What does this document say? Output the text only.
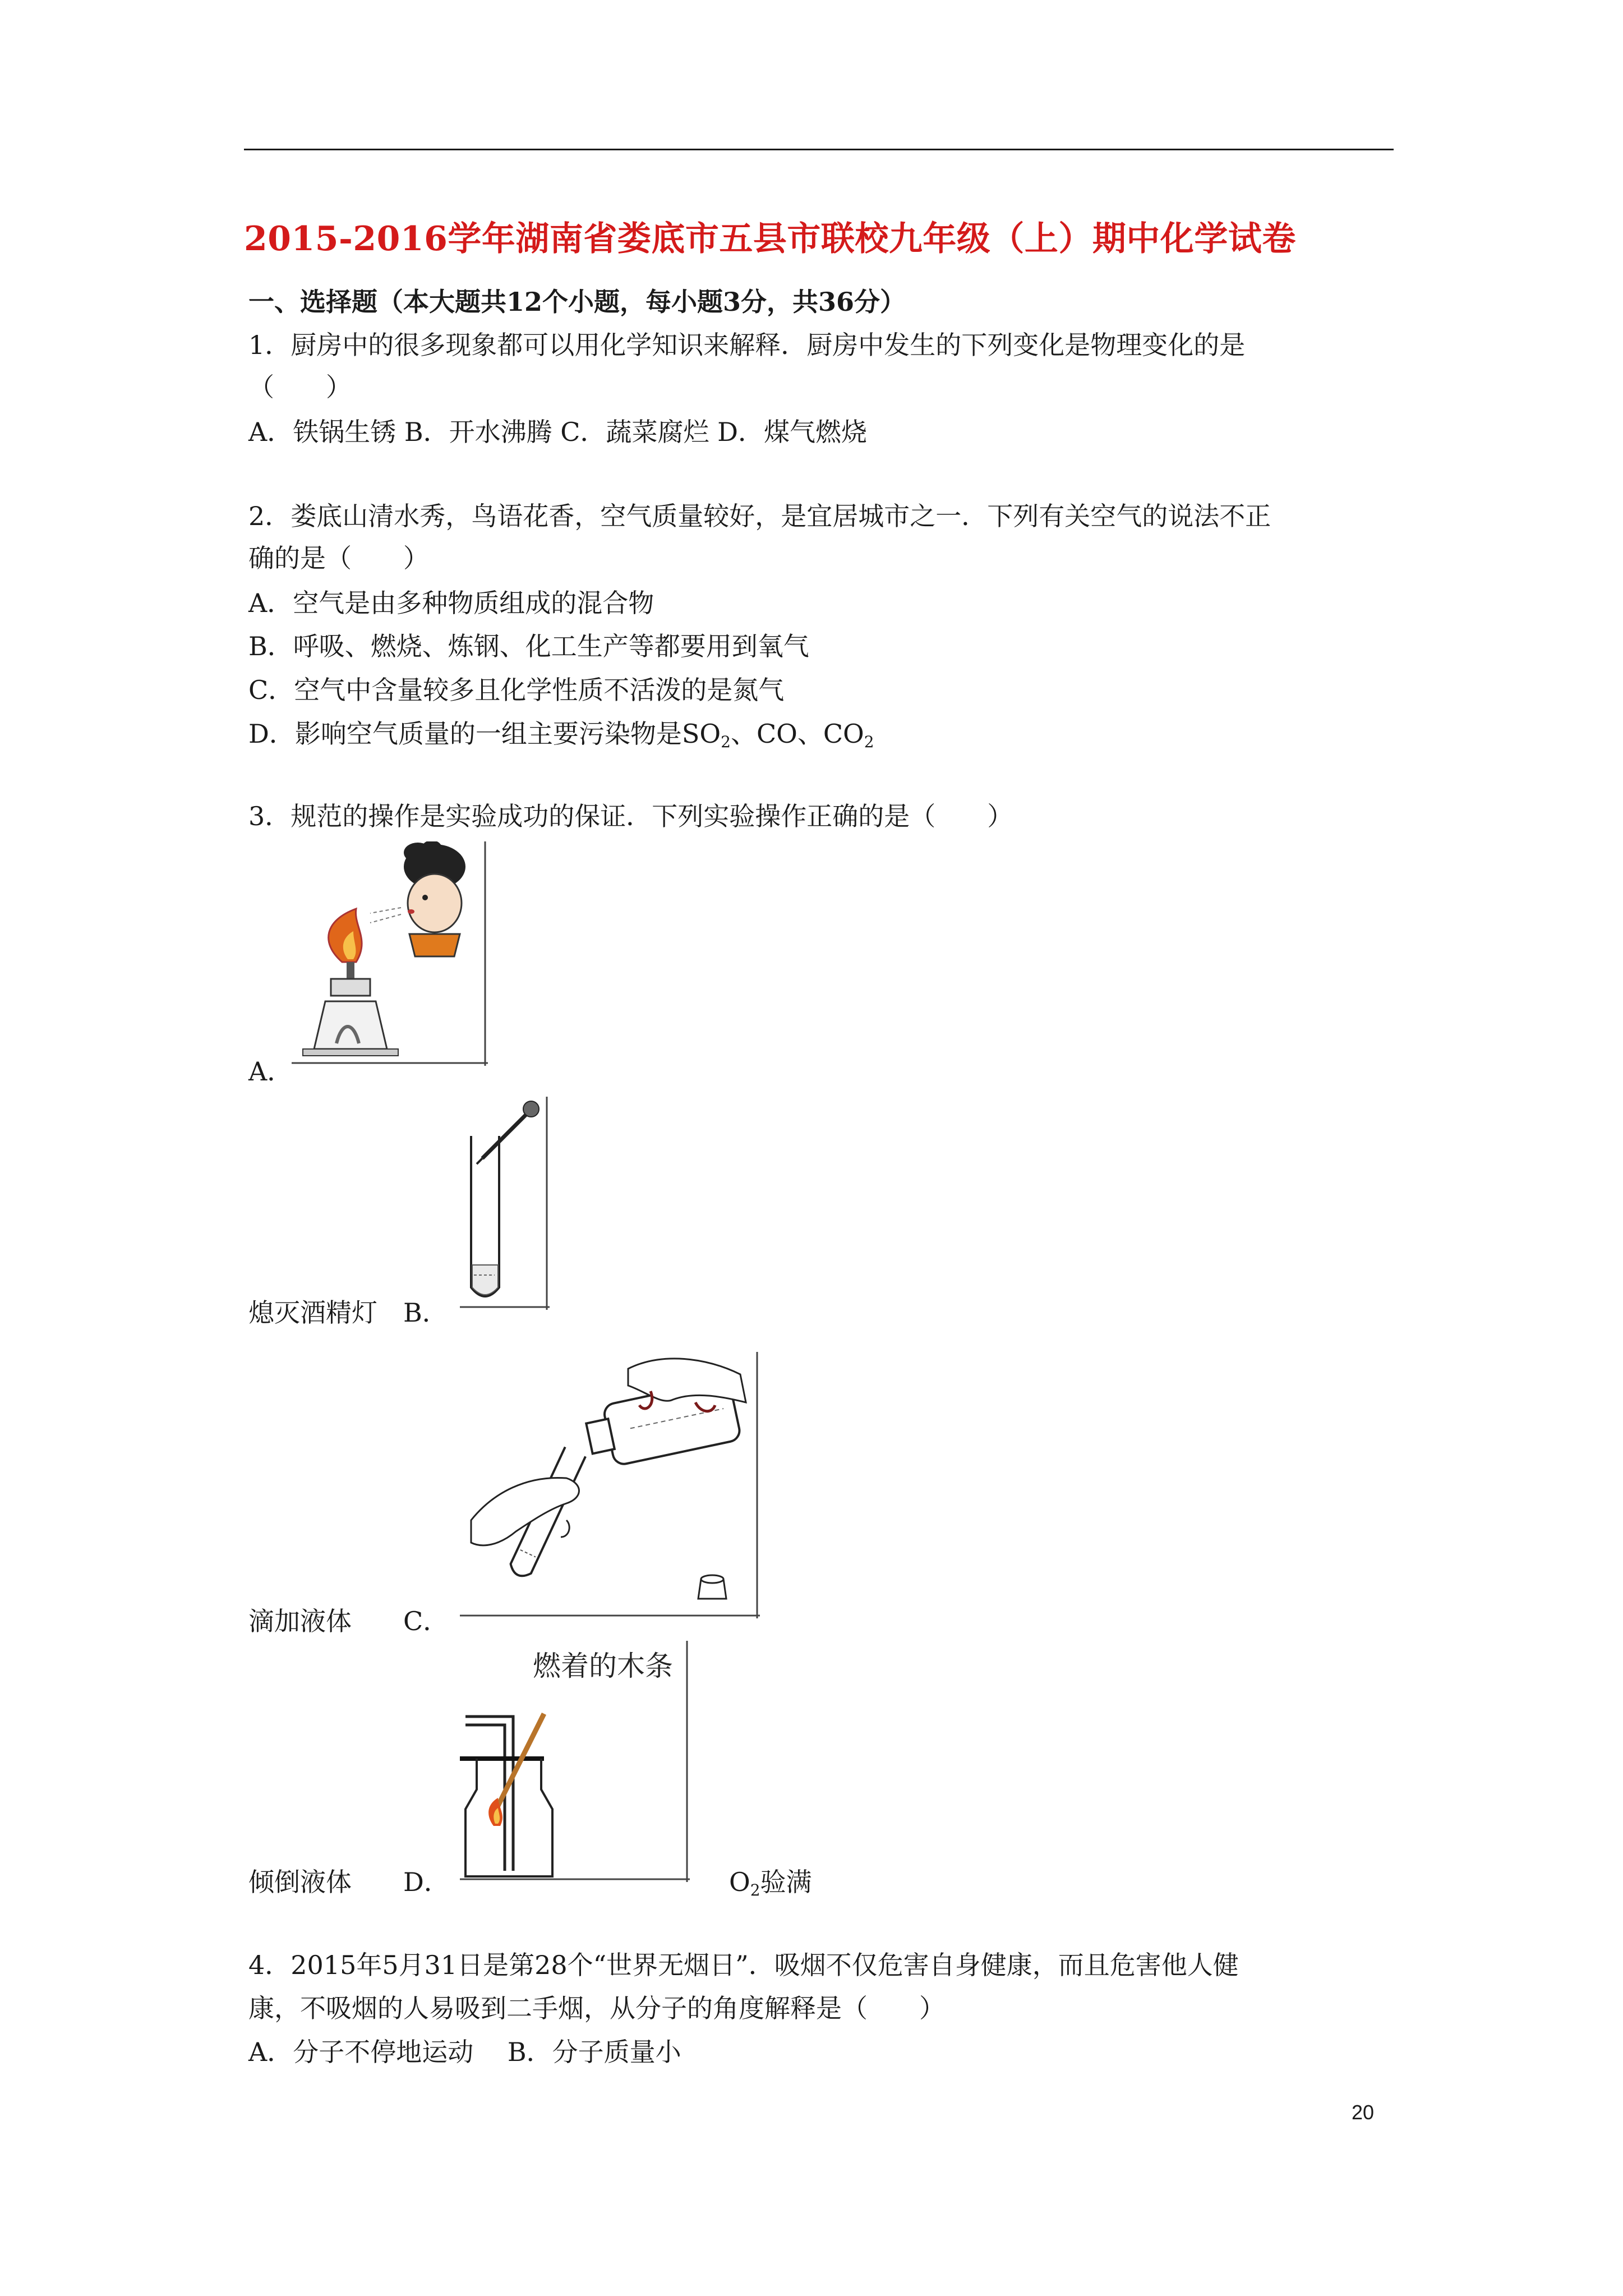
2015-2016学年湖南省娄底市五县市联校九年级（上）期中化学试卷
一、选择题（本大题共12个小题，每小题3分，共36分）
1．厨房中的很多现象都可以用化学知识来解释．厨房中发生的下列变化是物理变化的是
（　　）
A．铁锅生锈 B．开水沸腾 C．蔬菜腐烂 D．煤气燃烧
2．娄底山清水秀，鸟语花香，空气质量较好，是宜居城市之一．下列有关空气的说法不正
确的是（　　）
A．空气是由多种物质组成的混合物
B．呼吸、燃烧、炼钢、化工生产等都要用到氧气
C．空气中含量较多且化学性质不活泼的是氮气
D．影响空气质量的一组主要污染物是$SO_2$、CO、$CO_2$
3．规范的操作是实验成功的保证．下列实验操作正确的是（　　）
A．
熄灭酒精灯  B．
滴加液体   C．
燃着的木条
倾倒液体   D．	$O_2$验满
4．2015年5月31日是第28个“世界无烟日”．吸烟不仅危害自身健康，而且危害他人健
康，不吸烟的人易吸到二手烟，从分子的角度解释是（　　）
A．分子不停地运动　 B．分子质量小
20
